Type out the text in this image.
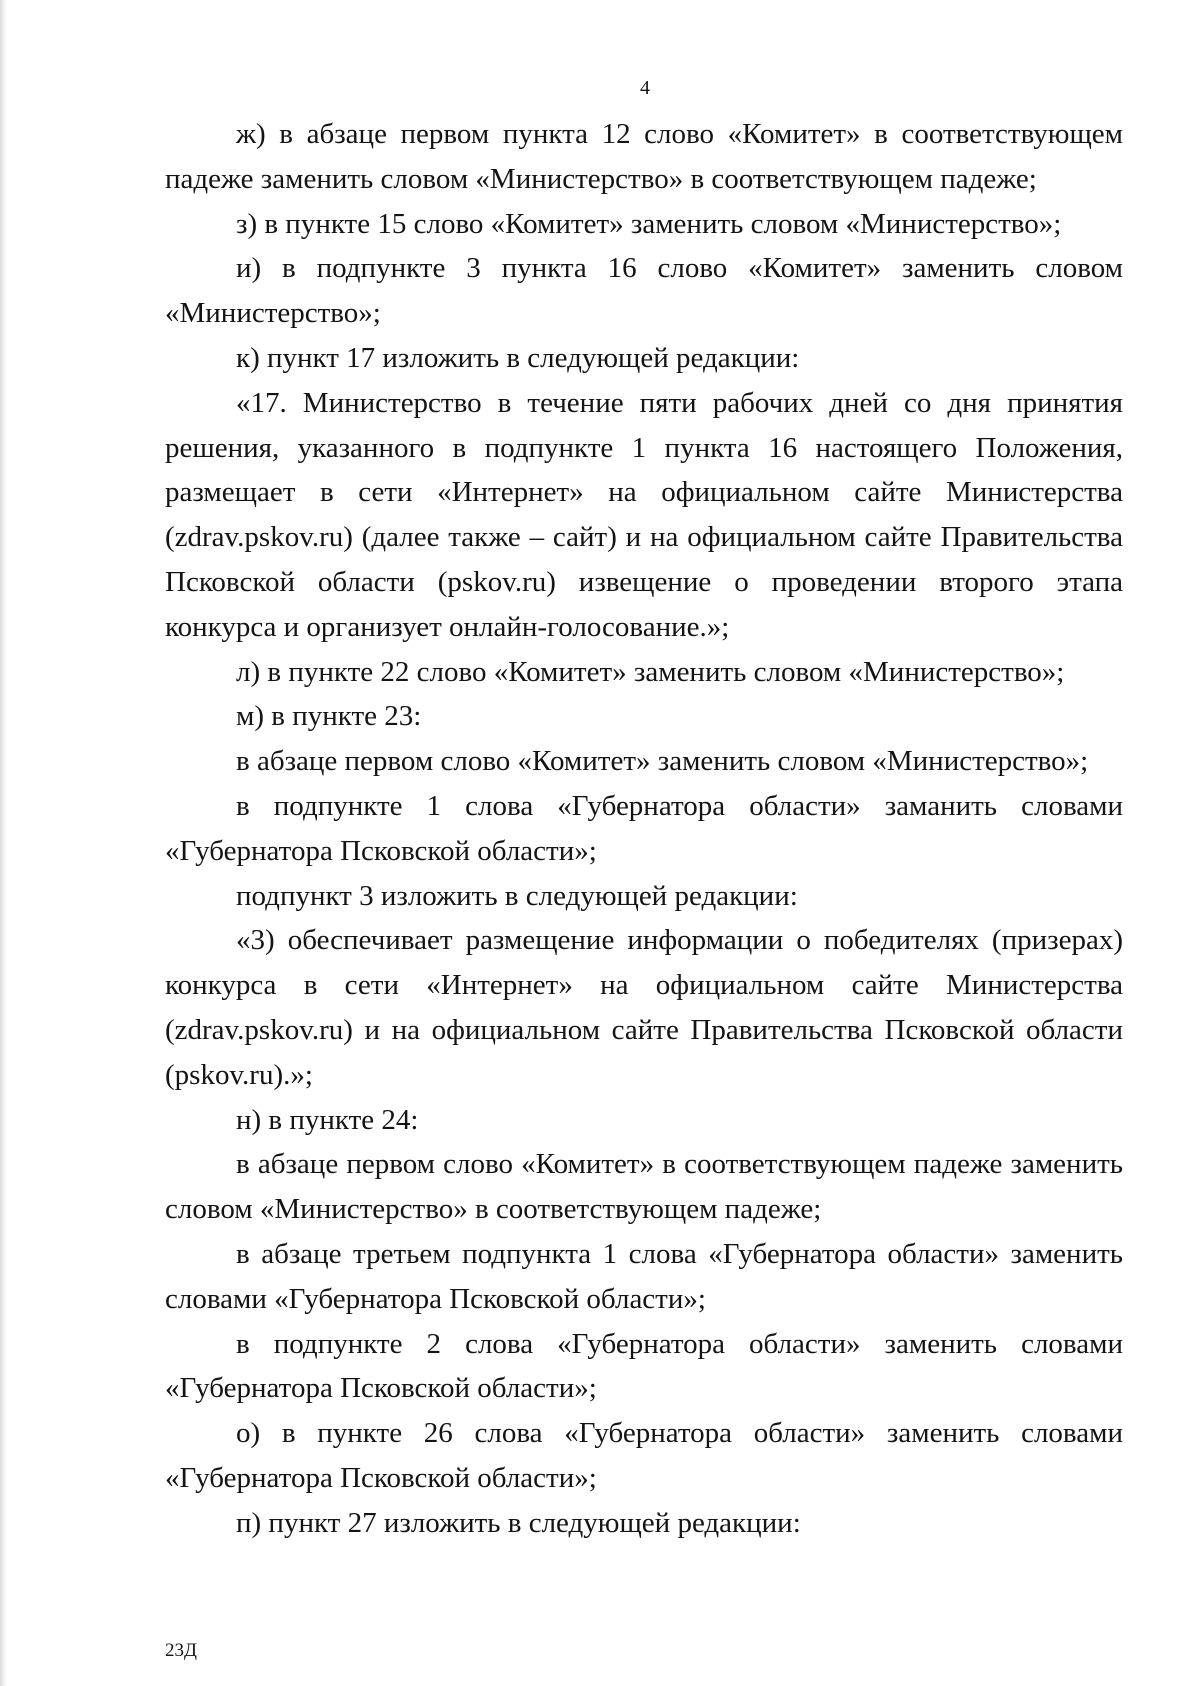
4

ж) в абзаце первом пункта 12 слово «Комитет» в соответствующем падеже заменить словом «Министерство» в соответствующем падеже;

з) в пункте 15 слово «Комитет» заменить словом «Министерство»;

и) в подпункте 3 пункта 16 слово «Комитет» заменить словом «Министерство»;

к) пункт 17 изложить в следующей редакции:

«17. Министерство в течение пяти рабочих дней со дня принятия решения, указанного в подпункте 1 пункта 16 настоящего Положения, размещает в сети «Интернет» на официальном сайте Министерства (zdrav.pskov.ru) (далее также – сайт) и на официальном сайте Правительства Псковской области (pskov.ru) извещение о проведении второго этапа конкурса и организует онлайн-голосование.»;

л) в пункте 22 слово «Комитет» заменить словом «Министерство»;

м) в пункте 23:

в абзаце первом слово «Комитет» заменить словом «Министерство»;

в подпункте 1 слова «Губернатора области» заманить словами «Губернатора Псковской области»;

подпункт 3 изложить в следующей редакции:

«3) обеспечивает размещение информации о победителях (призерах) конкурса в сети «Интернет» на официальном сайте Министерства (zdrav.pskov.ru) и на официальном сайте Правительства Псковской области (pskov.ru).»;

н) в пункте 24:

в абзаце первом слово «Комитет» в соответствующем падеже заменить словом «Министерство» в соответствующем падеже;

в абзаце третьем подпункта 1 слова «Губернатора области» заменить словами «Губернатора Псковской области»;

в подпункте 2 слова «Губернатора области» заменить словами «Губернатора Псковской области»;

о) в пункте 26 слова «Губернатора области» заменить словами «Губернатора Псковской области»;

п) пункт 27 изложить в следующей редакции:

23Д
